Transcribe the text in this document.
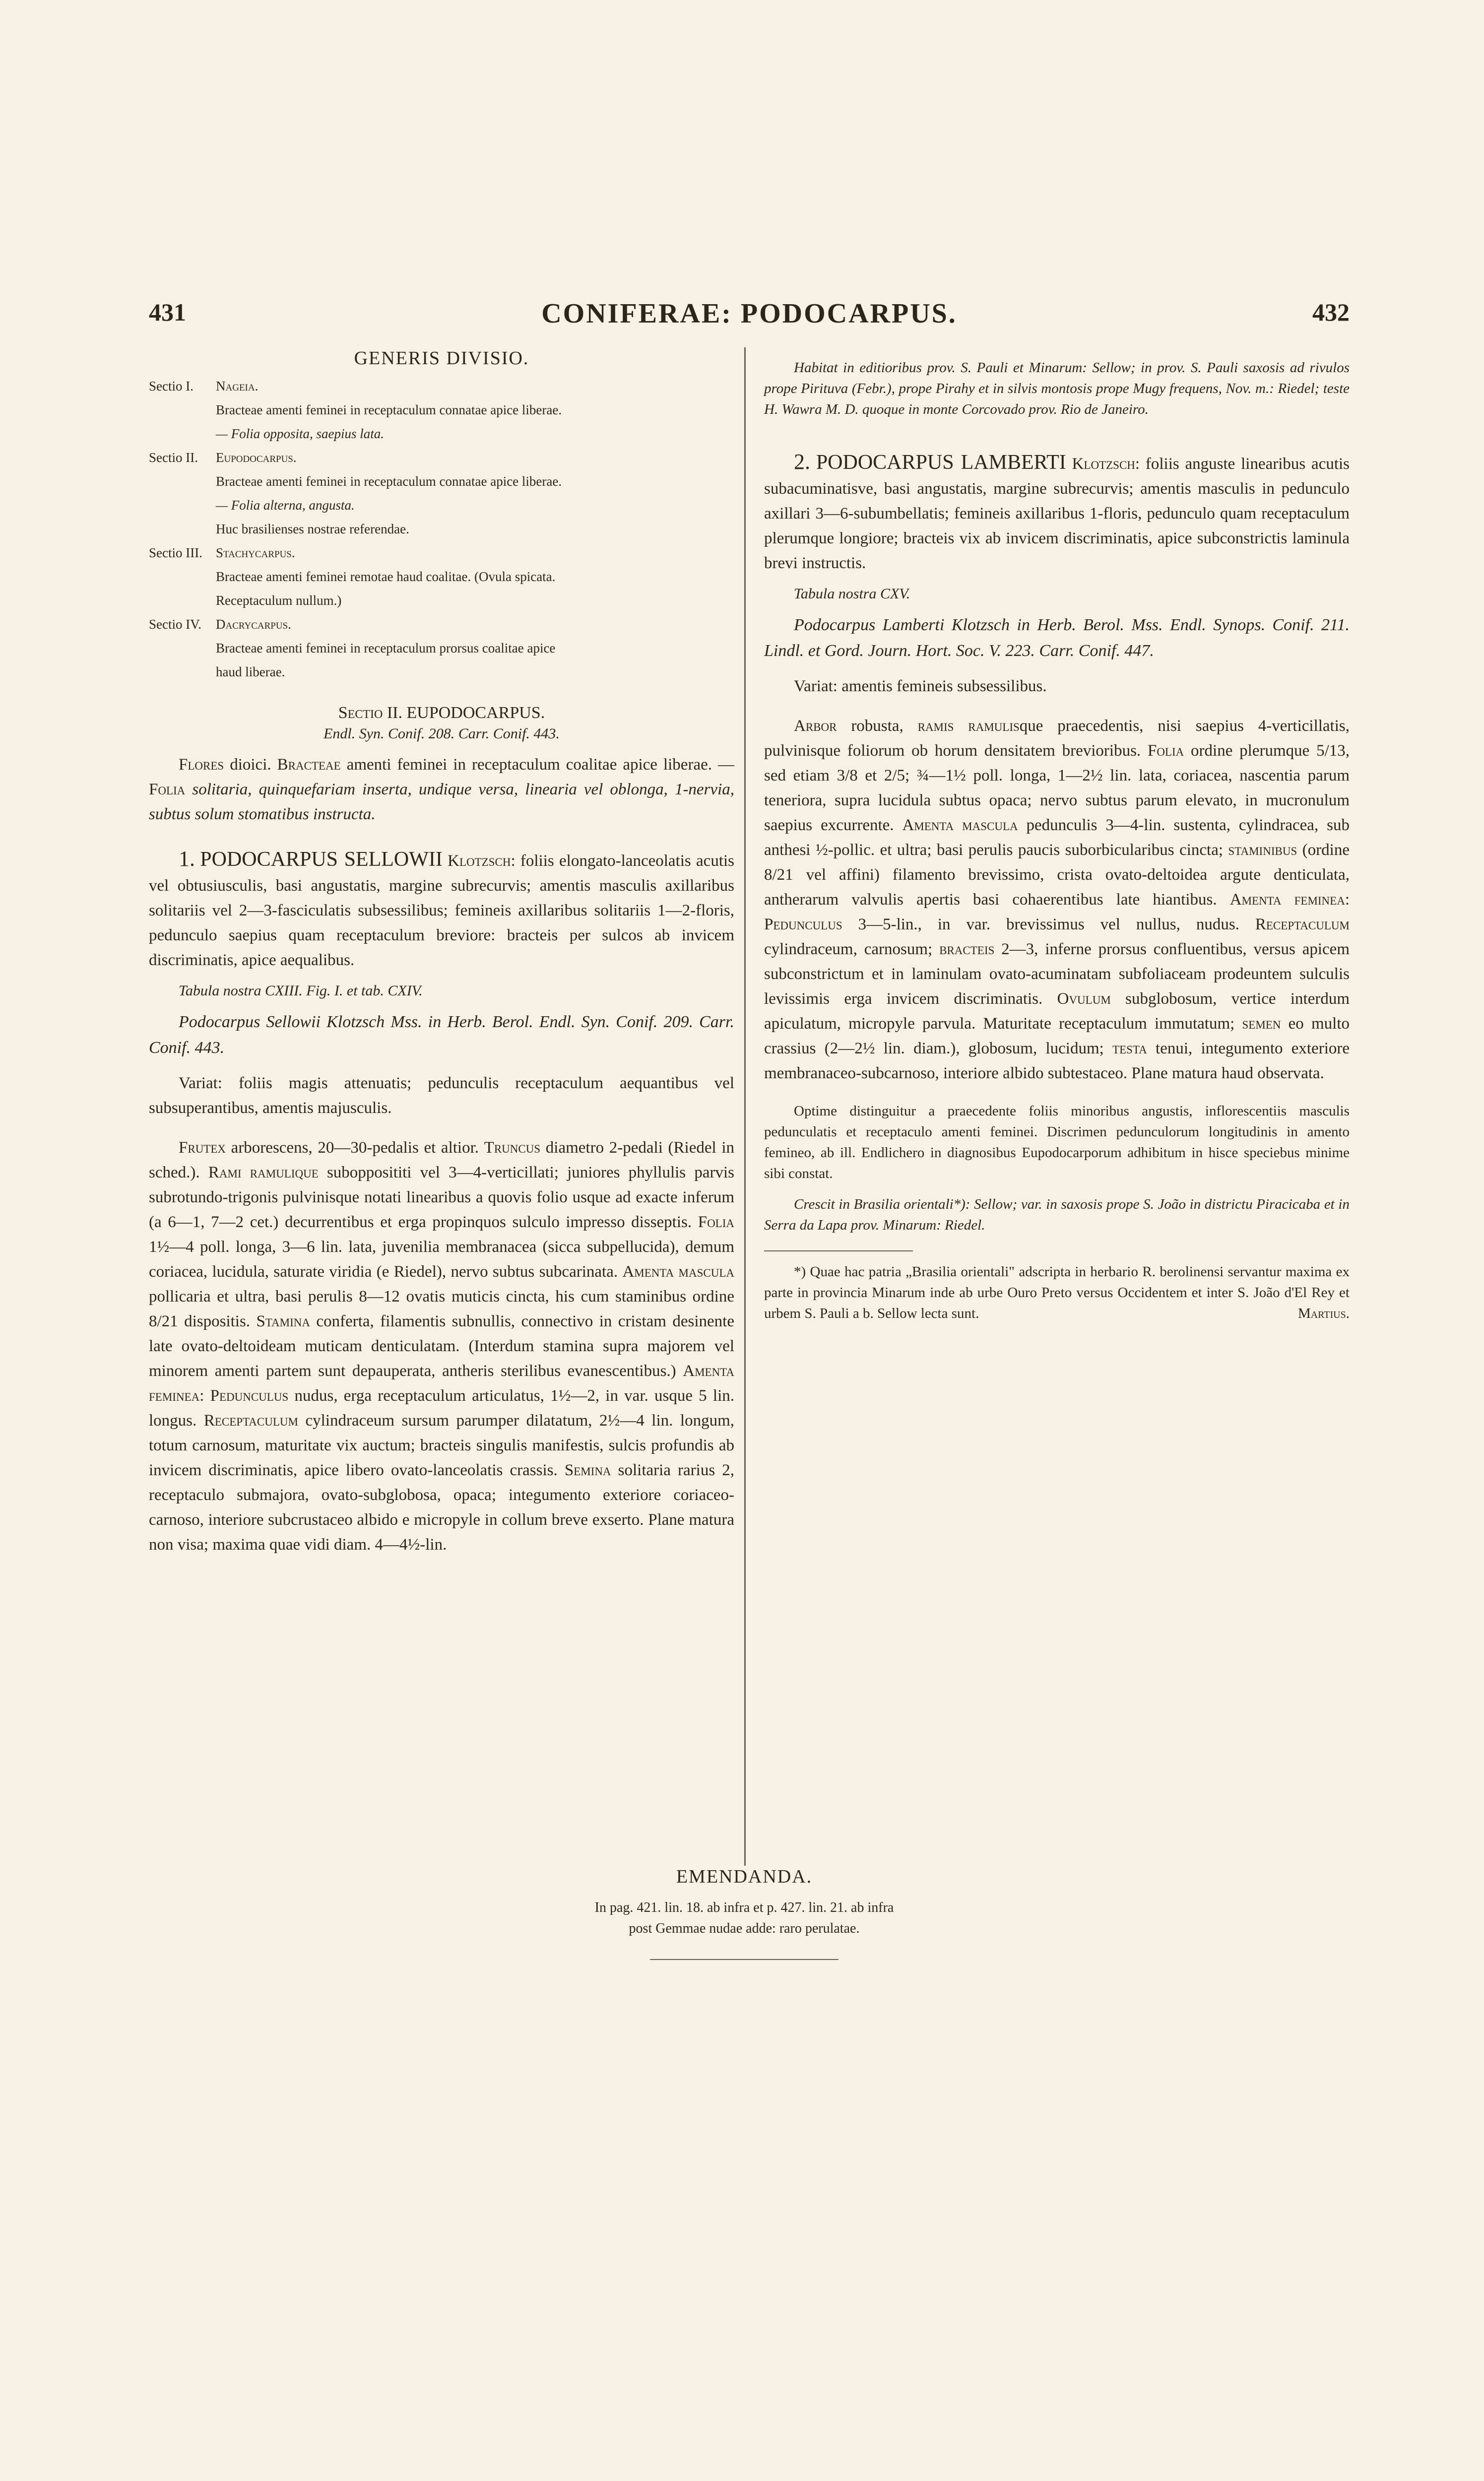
431	CONIFERAE: PODOCARPUS.	432
GENERIS DIVISIO.
Sectio I.	Nageia.
Bracteae amenti feminei in receptaculum connatae apice liberae.
— Folia opposita, saepius lata.
Sectio II.	Eupodocarpus.
Bracteae amenti feminei in receptaculum connatae apice liberae.
— Folia alterna, angusta.
Huc brasilienses nostrae referendae.
Sectio III.	Stachycarpus.
Bracteae amenti feminei remotae haud coalitae. (Ovula spicata.
Receptaculum nullum.)
Sectio IV.	Dacrycarpus.
Bracteae amenti feminei in receptaculum prorsus coalitae apice
haud liberae.
Sectio II. EUPODOCARPUS.
Endl. Syn. Conif. 208. Carr. Conif. 443.

Flores dioici. Bracteae amenti feminei in receptaculum coalitae apice liberae. — Folia solitaria, quinquefariam inserta, undique versa, linearia vel oblonga, 1-nervia, subtus solum stomatibus instructa.

1. PODOCARPUS SELLOWII Klotzsch: foliis elongato-lanceolatis acutis vel obtusiusculis, basi angustatis, margine subrecurvis; amentis masculis axillaribus solitariis vel 2—3-fasciculatis subsessilibus; femineis axillaribus solitariis 1—2-floris, pedunculo saepius quam receptaculum breviore: bracteis per sulcos ab invicem discriminatis, apice aequalibus.

Tabula nostra CXIII. Fig. I. et tab. CXIV.

Podocarpus Sellowii Klotzsch Mss. in Herb. Berol. Endl. Syn. Conif. 209. Carr. Conif. 443.

Variat: foliis magis attenuatis; pedunculis receptaculum aequantibus vel subsuperantibus, amentis majusculis.

Frutex arborescens, 20—30-pedalis et altior. Truncus diametro 2-pedali (Riedel in sched.). Rami ramulique subopposititi vel 3—4-verticillati; juniores phyllulis parvis subrotundo-trigonis pulvinisque notati linearibus a quovis folio usque ad exacte inferum (a 6—1, 7—2 cet.) decurrentibus et erga propinquos sulculo impresso disseptis. Folia 1½—4 poll. longa, 3—6 lin. lata, juvenilia membranacea (sicca subpellucida), demum coriacea, lucidula, saturate viridia (e Riedel), nervo subtus subcarinata. Amenta mascula pollicaria et ultra, basi perulis 8—12 ovatis muticis cincta, his cum staminibus ordine 8/21 dispositis. Stamina conferta, filamentis subnullis, connectivo in cristam desinente late ovato-deltoideam muticam denticulatam. (Interdum stamina supra majorem vel minorem amenti partem sunt depauperata, antheris sterilibus evanescentibus.) Amenta feminea: Pedunculus nudus, erga receptaculum articulatus, 1½—2, in var. usque 5 lin. longus. Receptaculum cylindraceum sursum parumper dilatatum, 2½—4 lin. longum, totum carnosum, maturitate vix auctum; bracteis singulis manifestis, sulcis profundis ab invicem discriminatis, apice libero ovato-lanceolatis crassis. Semina solitaria rarius 2, receptaculo submajora, ovato-subglobosa, opaca; integumento exteriore coriaceo-carnoso, interiore subcrustaceo albido e micropyle in collum breve exserto. Plane matura non visa; maxima quae vidi diam. 4—4½-lin.

Habitat in editioribus prov. S. Pauli et Minarum: Sellow; in prov. S. Pauli saxosis ad rivulos prope Pirituva (Febr.), prope Pirahy et in silvis montosis prope Mugy frequens, Nov. m.: Riedel; teste H. Wawra M. D. quoque in monte Corcovado prov. Rio de Janeiro.

2. PODOCARPUS LAMBERTI Klotzsch: foliis anguste linearibus acutis subacuminatisve, basi angustatis, margine subrecurvis; amentis masculis in pedunculo axillari 3—6-subumbellatis; femineis axillaribus 1-floris, pedunculo quam receptaculum plerumque longiore; bracteis vix ab invicem discriminatis, apice subconstrictis laminula brevi instructis.

Tabula nostra CXV.

Podocarpus Lamberti Klotzsch in Herb. Berol. Mss. Endl. Synops. Conif. 211. Lindl. et Gord. Journ. Hort. Soc. V. 223. Carr. Conif. 447.

Variat: amentis femineis subsessilibus.

Arbor robusta, ramis ramulisque praecedentis, nisi saepius 4-verticillatis, pulvinisque foliorum ob horum densitatem brevioribus. Folia ordine plerumque 5/13, sed etiam 3/8 et 2/5; ¾—1½ poll. longa, 1—2½ lin. lata, coriacea, nascentia parum teneriora, supra lucidula subtus opaca; nervo subtus parum elevato, in mucronulum saepius excurrente. Amenta mascula pedunculis 3—4-lin. sustenta, cylindracea, sub anthesi ½-pollic. et ultra; basi perulis paucis suborbicularibus cincta; staminibus (ordine 8/21 vel affini) filamento brevissimo, crista ovato-deltoidea argute denticulata, antherarum valvulis apertis basi cohaerentibus late hiantibus. Amenta feminea: Pedunculus 3—5-lin., in var. brevissimus vel nullus, nudus. Receptaculum cylindraceum, carnosum; bracteis 2—3, inferne prorsus confluentibus, versus apicem subconstrictum et in laminulam ovato-acuminatam subfoliaceam prodeuntem sulculis levissimis erga invicem discriminatis. Ovulum subglobosum, vertice interdum apiculatum, micropyle parvula. Maturitate receptaculum immutatum; semen eo multo crassius (2—2½ lin. diam.), globosum, lucidum; testa tenui, integumento exteriore membranaceo-subcarnoso, interiore albido subtestaceo. Plane matura haud observata.

Optime distinguitur a praecedente foliis minoribus angustis, inflorescentiis masculis pedunculatis et receptaculo amenti feminei. Discrimen pedunculorum longitudinis in amento femineo, ab ill. Endlichero in diagnosibus Eupodocarporum adhibitum in hisce speciebus minime sibi constat.

Crescit in Brasilia orientali*): Sellow; var. in saxosis prope S. João in districtu Piracicaba et in Serra da Lapa prov. Minarum: Riedel.

*) Quae hac patria „Brasilia orientali" adscripta in herbario R. berolinensi servantur maxima ex parte in provincia Minarum inde ab urbe Ouro Preto versus Occidentem et inter S. João d'El Rey et urbem S. Pauli a b. Sellow lecta sunt.	Martius.

EMENDANDA.
In pag. 421. lin. 18. ab infra et p. 427. lin. 21. ab infra
post Gemmae nudae adde: raro perulatae.
